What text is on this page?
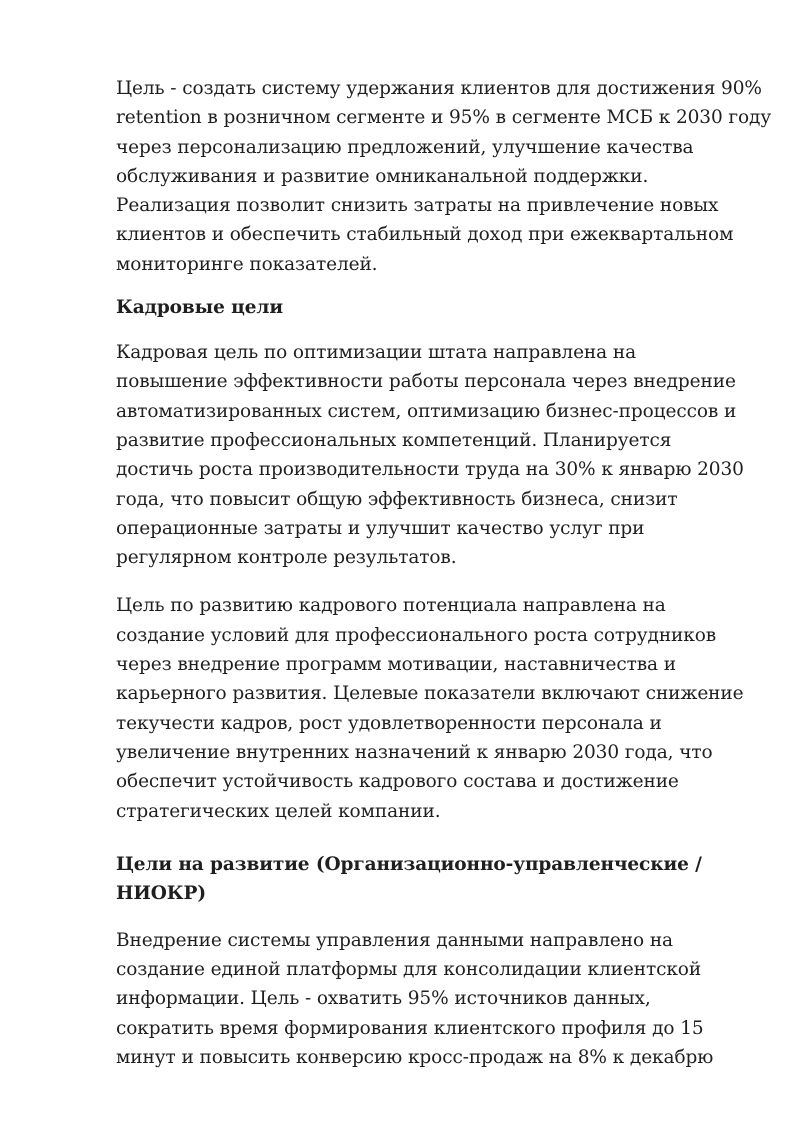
Цель - создать систему удержания клиентов для достижения 90%
retention в розничном сегменте и 95% в сегменте МСБ к 2030 году
через персонализацию предложений, улучшение качества
обслуживания и развитие омниканальной поддержки.
Реализация позволит снизить затраты на привлечение новых
клиентов и обеспечить стабильный доход при ежеквартальном
мониторинге показателей.

Кадровые цели

Кадровая цель по оптимизации штата направлена на
повышение эффективности работы персонала через внедрение
автоматизированных систем, оптимизацию бизнес-процессов и
развитие профессиональных компетенций. Планируется
достичь роста производительности труда на 30% к январю 2030
года, что повысит общую эффективность бизнеса, снизит
операционные затраты и улучшит качество услуг при
регулярном контроле результатов.

Цель по развитию кадрового потенциала направлена на
создание условий для профессионального роста сотрудников
через внедрение программ мотивации, наставничества и
карьерного развития. Целевые показатели включают снижение
текучести кадров, рост удовлетворенности персонала и
увеличение внутренних назначений к январю 2030 года, что
обеспечит устойчивость кадрового состава и достижение
стратегических целей компании.

Цели на развитие (Организационно-управленческие / НИОКР)

Внедрение системы управления данными направлено на
создание единой платформы для консолидации клиентской
информации. Цель - охватить 95% источников данных,
сократить время формирования клиентского профиля до 15
минут и повысить конверсию кросс-продаж на 8% к декабрю
